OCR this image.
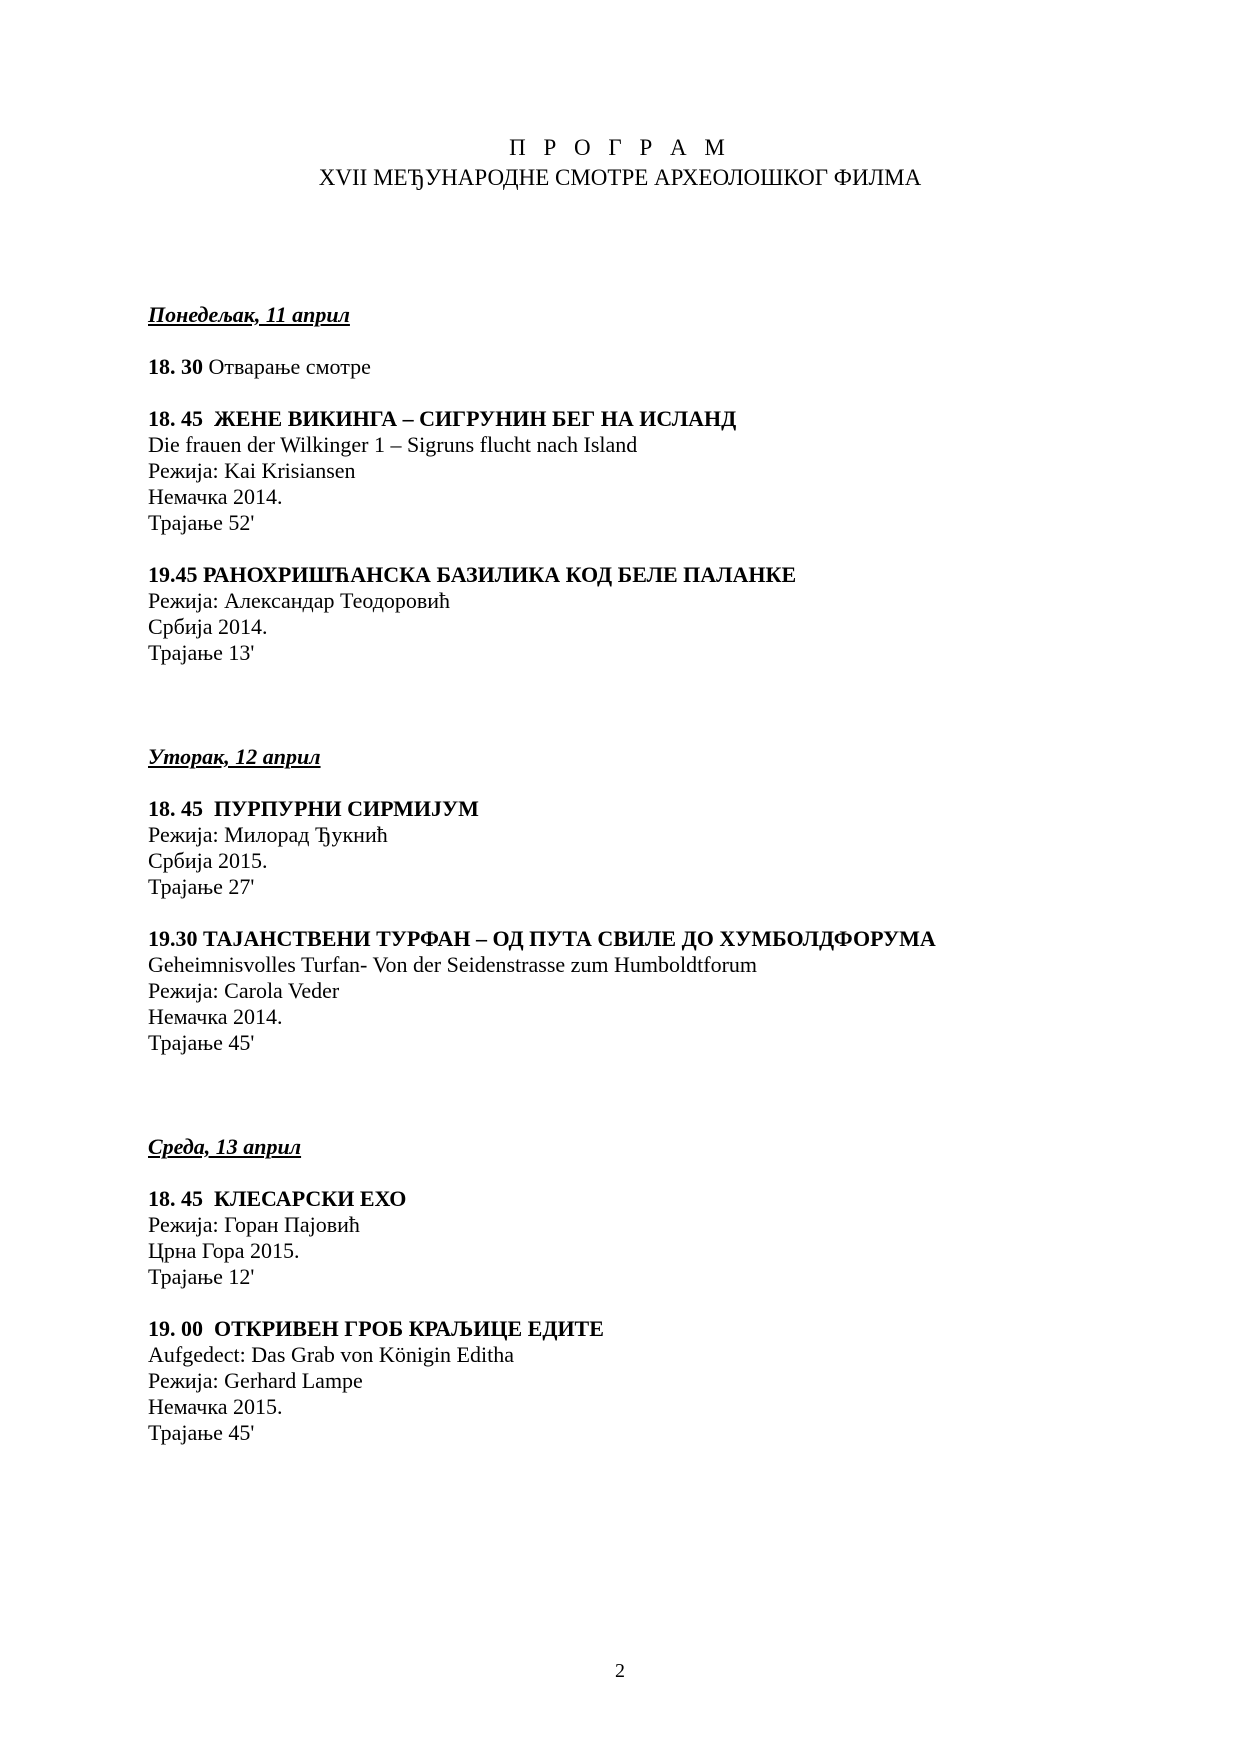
П Р О Г Р А М
XVII МЕЂУНАРОДНЕ СМОТРЕ АРХЕОЛОШКОГ ФИЛМА
Понедељак, 11 април
18. 30 Отварање смотре
18. 45 ЖЕНЕ ВИКИНГА – СИГРУНИН БЕГ НА ИСЛАНД
Die frauen der Wilkinger 1 – Sigruns flucht nach Island
Режија: Kai Krisiansen
Немачка 2014.
Трајање 52'
19.45 РАНОХРИШЋАНСКА БАЗИЛИКА КОД БЕЛЕ ПАЛАНКЕ
Режија: Александар Теодоровић
Србија 2014.
Трајање 13'
Уторак, 12 април
18. 45 ПУРПУРНИ СИРМИЈУМ
Режија: Милорад Ђукнић
Србија 2015.
Трајање 27'
19.30 ТАЈАНСТВЕНИ ТУРФАН – ОД ПУТА СВИЛЕ ДО ХУМБОЛДФОРУМА
Geheimnisvolles Turfan- Von der Seidenstrasse zum Humboldtforum
Режија: Carola Veder
Немачка 2014.
Трајање 45'
Среда, 13 април
18. 45 КЛЕСАРСКИ ЕХО
Режија: Горан Пајовић
Црна Гора 2015.
Трајање 12'
19. 00 ОТКРИВЕН ГРОБ КРАЉИЦЕ ЕДИТЕ
Aufgedect: Das Grab von Königin Editha
Режија: Gerhard Lampe
Немачка 2015.
Трајање 45'
2
